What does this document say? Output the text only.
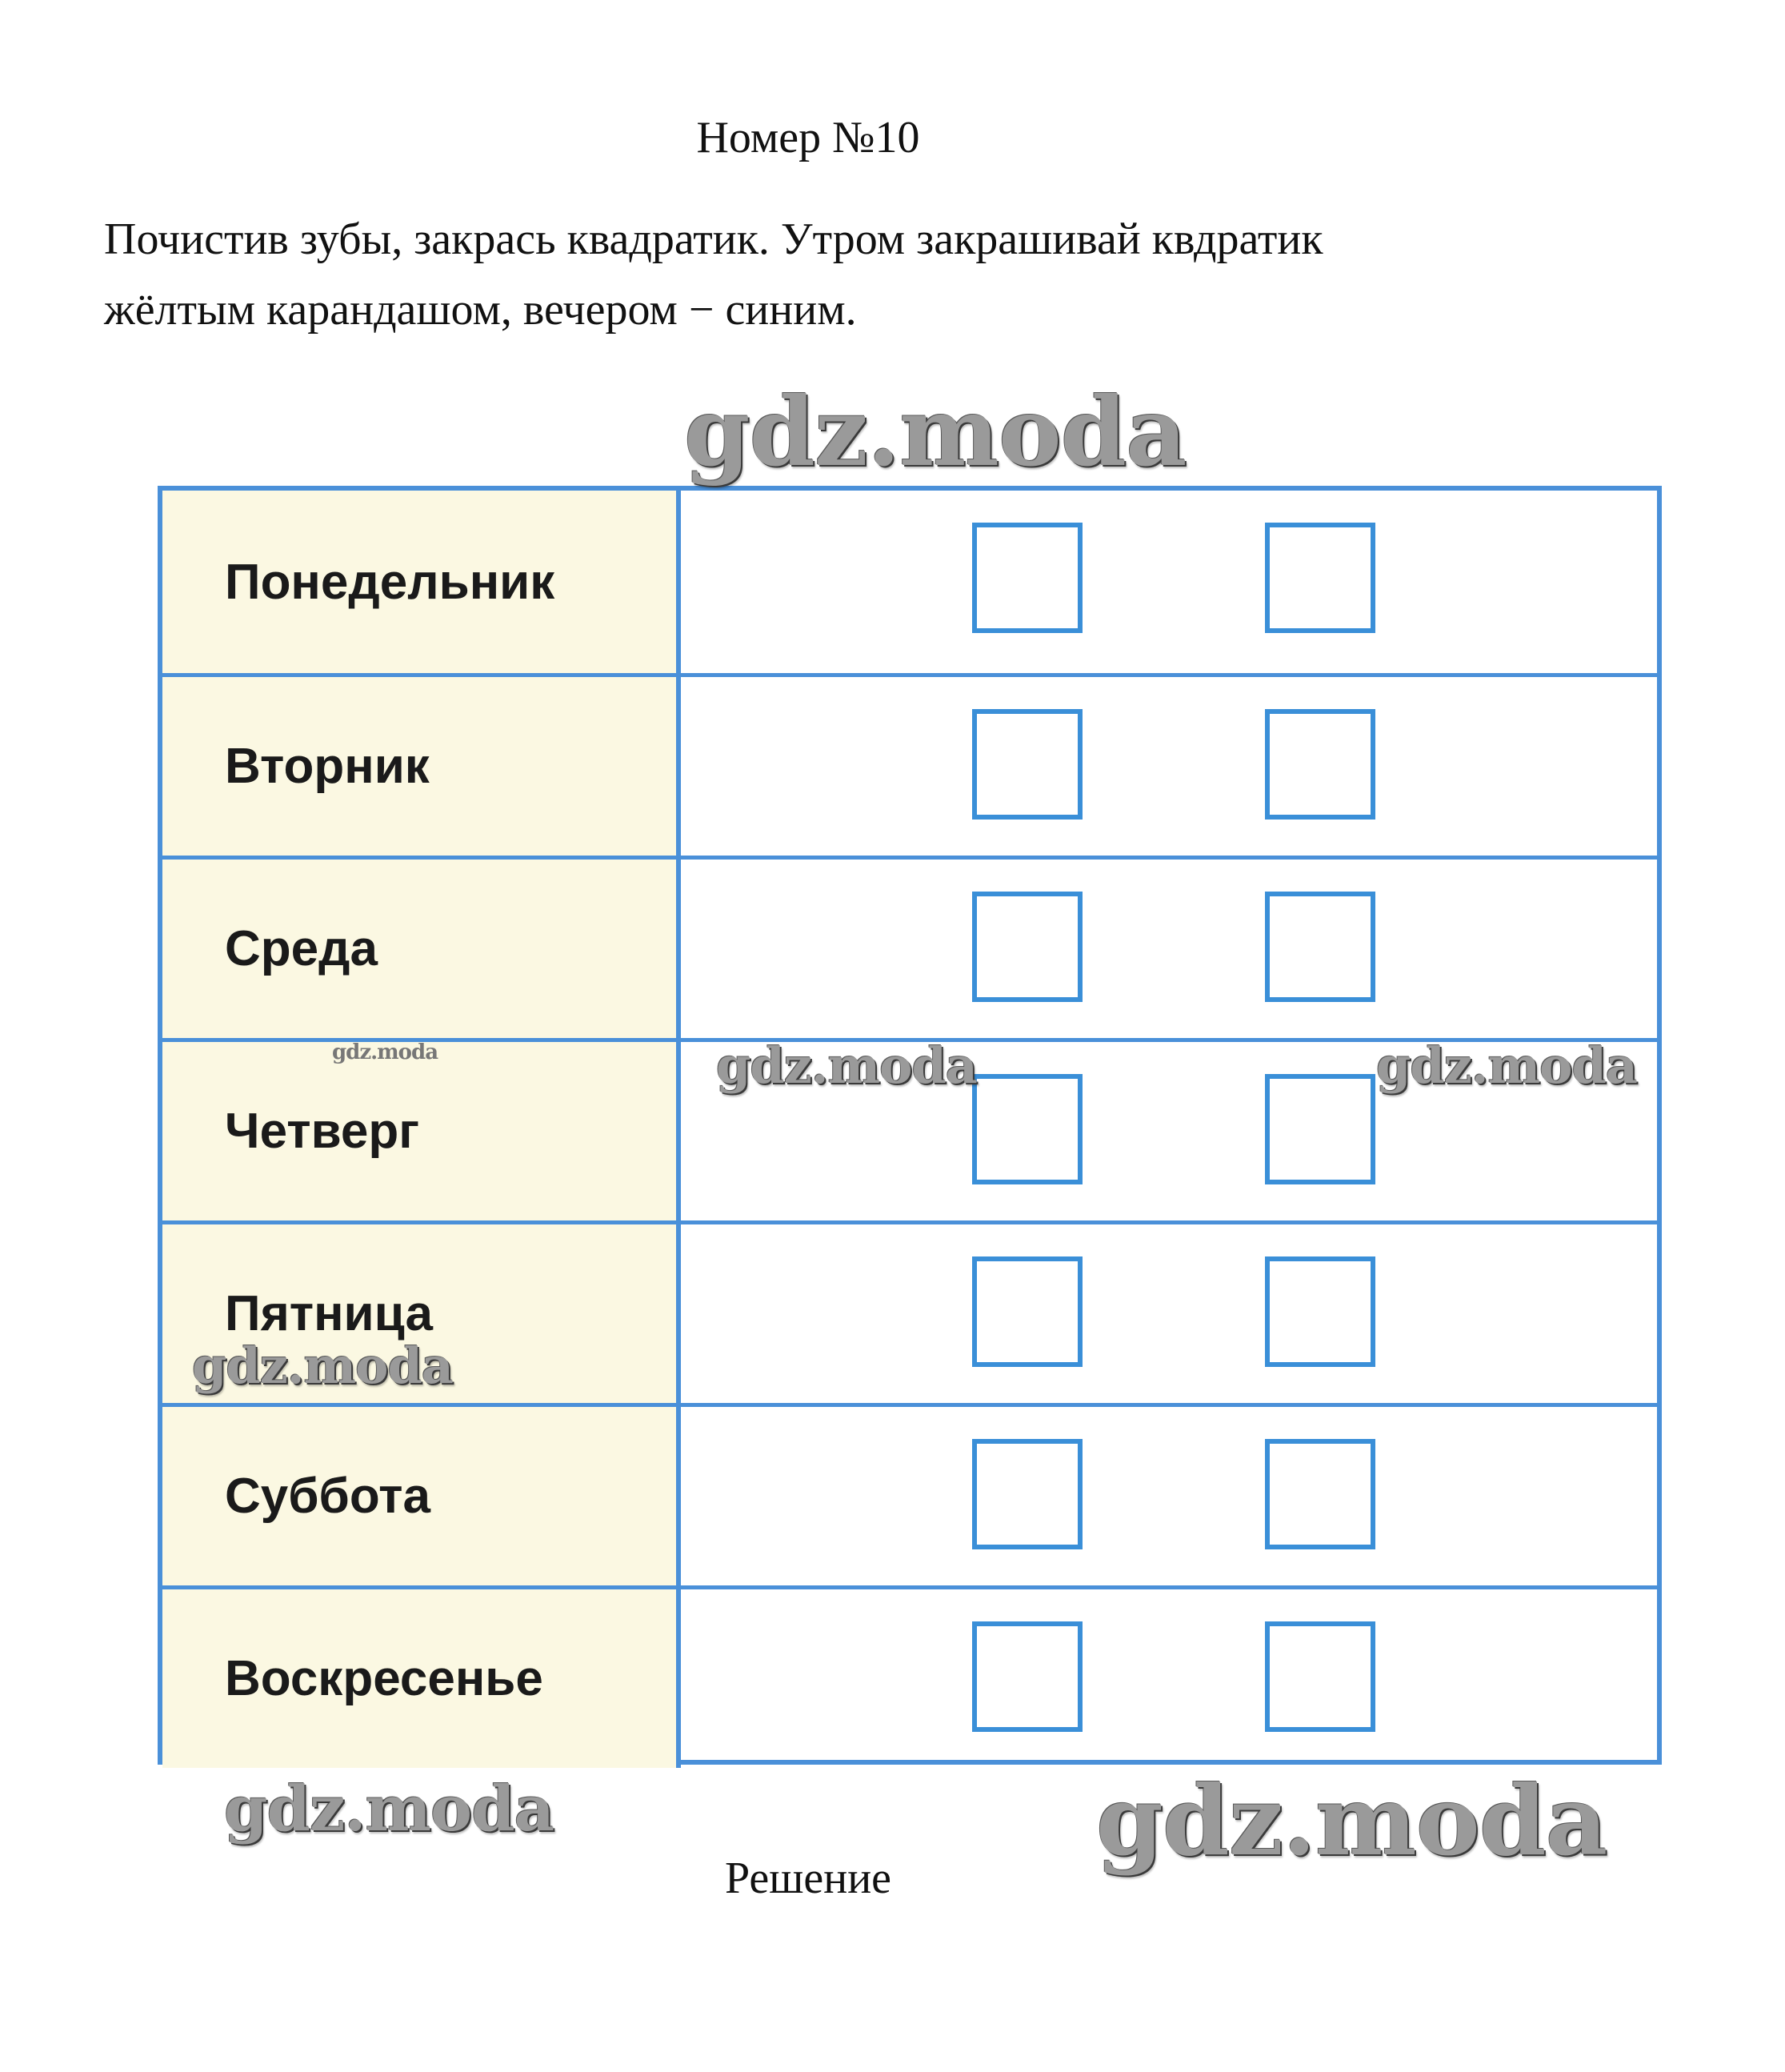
Номер №10

Почистив зубы, закрась квадратик. Утром закрашивай квдратик

жёлтым карандашом, вечером − синим.

Понедельник
Вторник
Среда
Четверг
Пятница
Суббота
Воскресенье
Решение
gdz.moda
gdz.moda	gdz.moda	gdz.moda
gdz.moda
gdz.moda	gdz.moda
